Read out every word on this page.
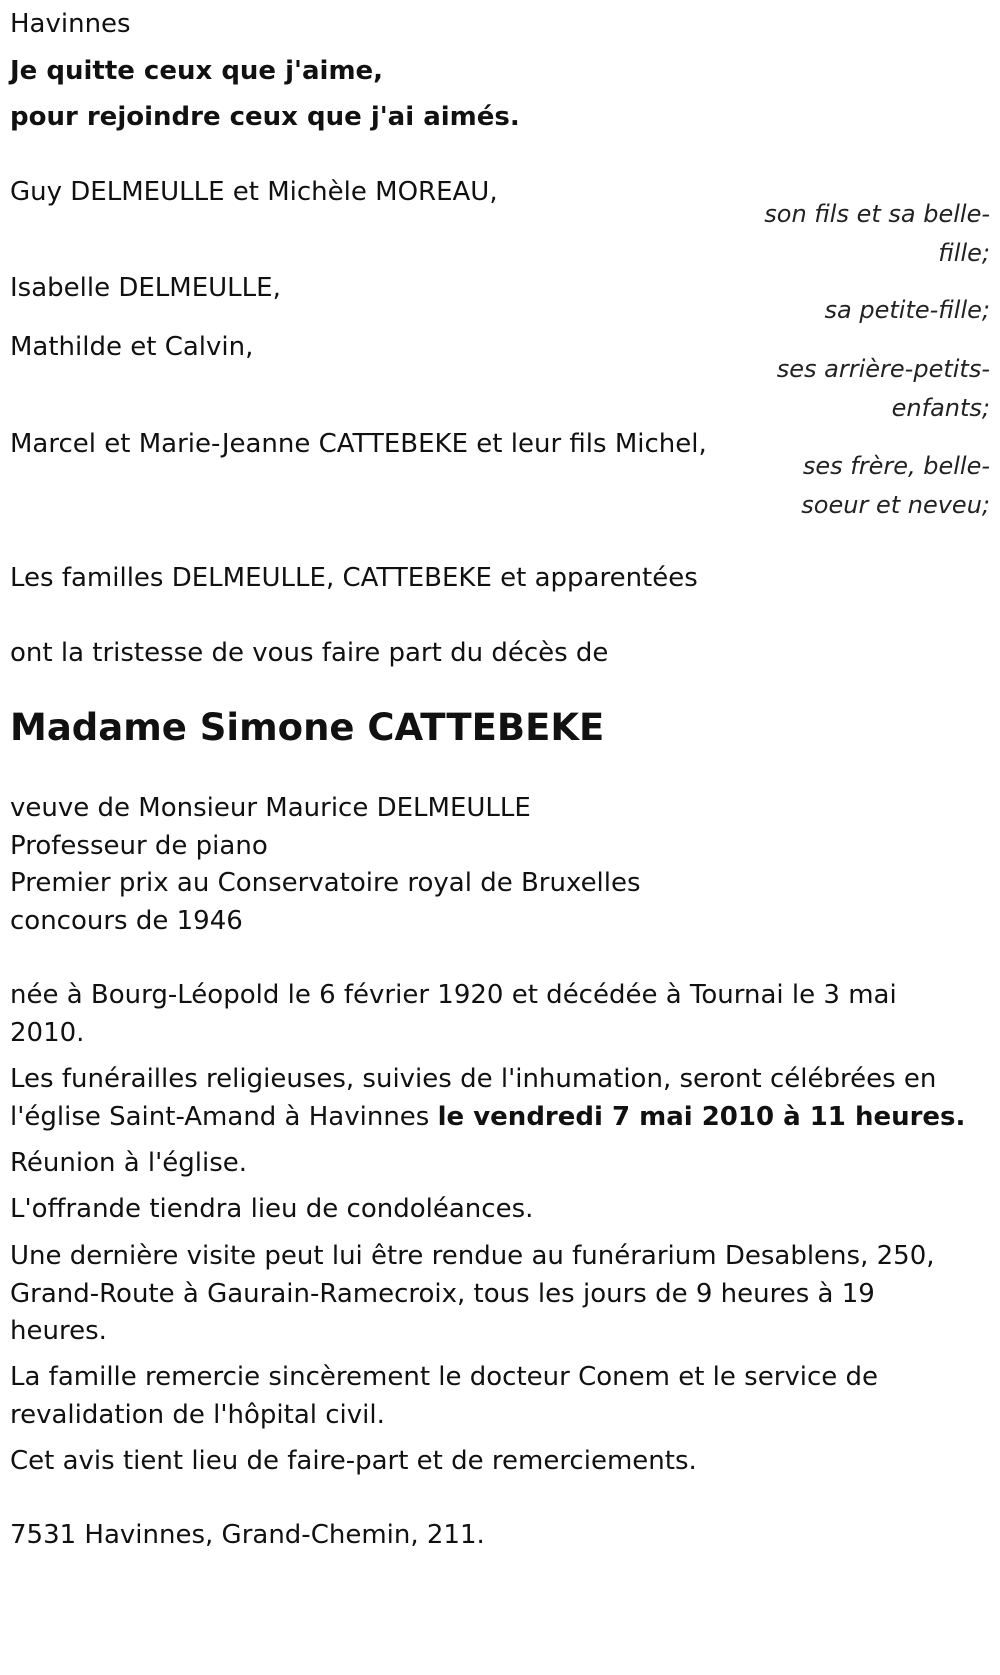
Havinnes
Je quitte ceux que j'aime,
pour rejoindre ceux que j'ai aimés.
Guy DELMEULLE et Michèle MOREAU,
son fils et sa belle-fille;
Isabelle DELMEULLE,
sa petite-fille;
Mathilde et Calvin,
ses arrière-petits-enfants;
Marcel et Marie-Jeanne CATTEBEKE et leur fils Michel,
ses frère, belle-soeur et neveu;
Les familles DELMEULLE, CATTEBEKE et apparentées
ont la tristesse de vous faire part du décès de
Madame Simone CATTEBEKE
veuve de Monsieur Maurice DELMEULLE
Professeur de piano
Premier prix au Conservatoire royal de Bruxelles
concours de 1946
née à Bourg-Léopold le 6 février 1920 et décédée à Tournai le 3 mai 2010.
Les funérailles religieuses, suivies de l'inhumation, seront célébrées en l'église Saint-Amand à Havinnes le vendredi 7 mai 2010 à 11 heures.
Réunion à l'église.
L'offrande tiendra lieu de condoléances.
Une dernière visite peut lui être rendue au funérarium Desablens, 250, Grand-Route à Gaurain-Ramecroix, tous les jours de 9 heures à 19 heures.
La famille remercie sincèrement le docteur Conem et le service de revalidation de l'hôpital civil.
Cet avis tient lieu de faire-part et de remerciements.
7531 Havinnes, Grand-Chemin, 211.
